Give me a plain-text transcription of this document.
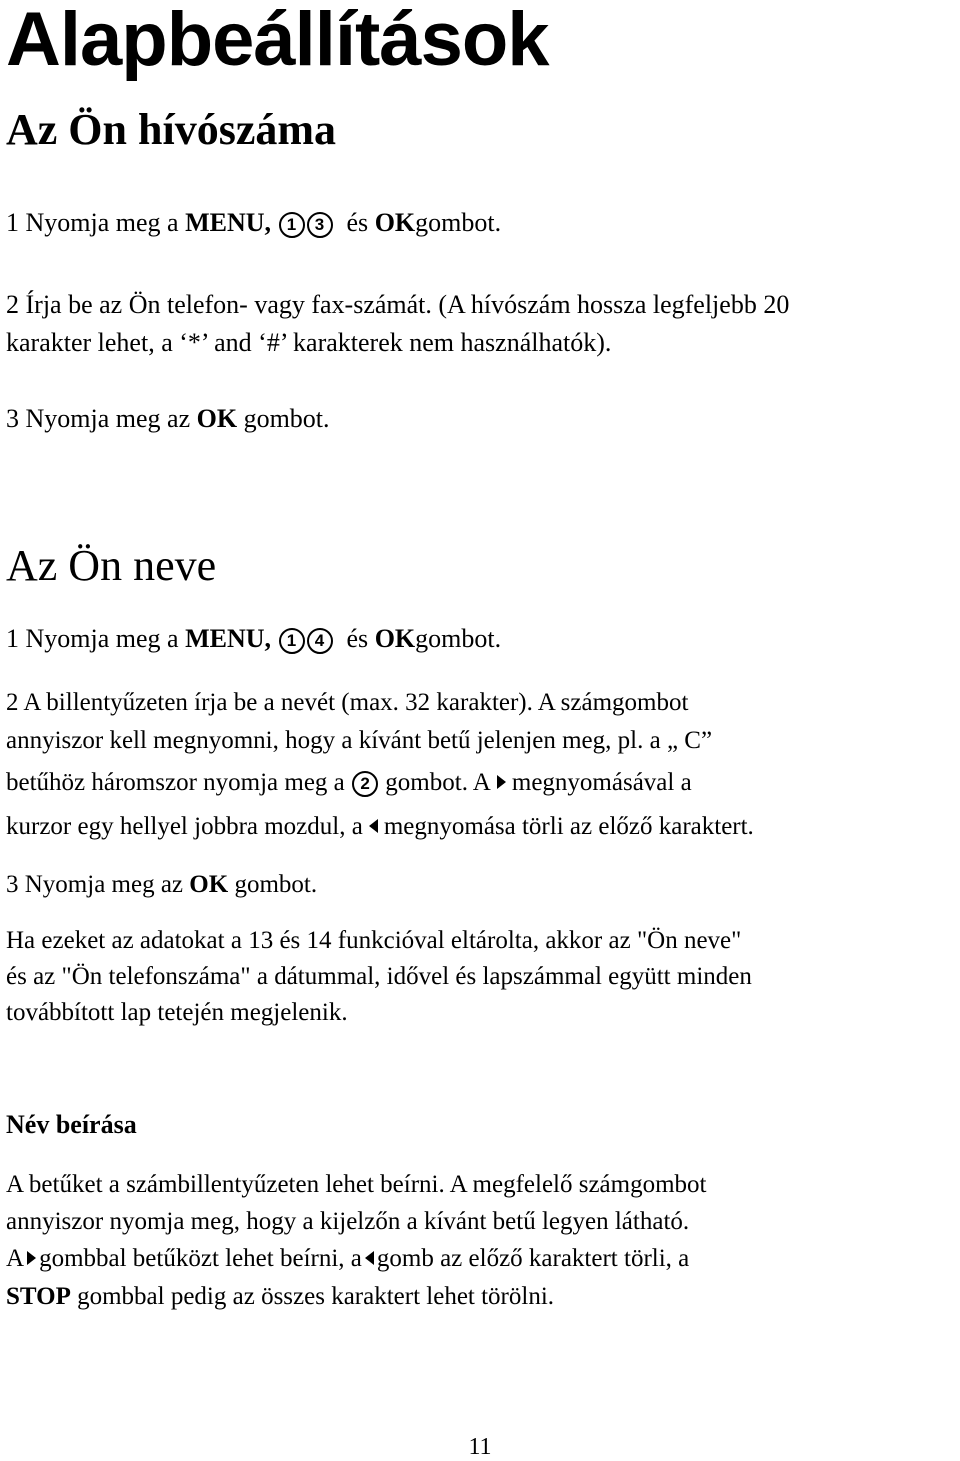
Alapbeállítások
Az Ön hívószáma
1 Nyomja meg a MENU, 1 3 és OKgombot.
2 Írja be az Ön telefon- vagy fax-számát. (A hívószám hossza legfeljebb 20
karakter lehet, a ‘*’ and ‘#’ karakterek nem használhatók).
3 Nyomja meg az OK gombot.
Az Ön neve
1 Nyomja meg a MENU, 1 4 és OKgombot.
2 A billentyűzeten írja be a nevét (max. 32 karakter). A számgombot
annyiszor kell megnyomni, hogy a kívánt betű jelenjen meg, pl. a „ C”
betűhöz háromszor nyomja meg a 2 gombot. A megnyomásával a
kurzor egy hellyel jobbra mozdul, a megnyomása törli az előző karaktert.
3 Nyomja meg az OK gombot.
Ha ezeket az adatokat a 13 és 14 funkcióval eltárolta, akkor az "Ön neve"
és az "Ön telefonszáma" a dátummal, idővel és lapszámmal együtt minden
továbbított lap tetején megjelenik.
Név beírása
A betűket a számbillentyűzeten lehet beírni. A megfelelő számgombot
annyiszor nyomja meg, hogy a kijelzőn a kívánt betű legyen látható.
A gombbal betűközt lehet beírni, a gomb az előző karaktert törli, a
STOP gombbal pedig az összes karaktert lehet törölni.
11
